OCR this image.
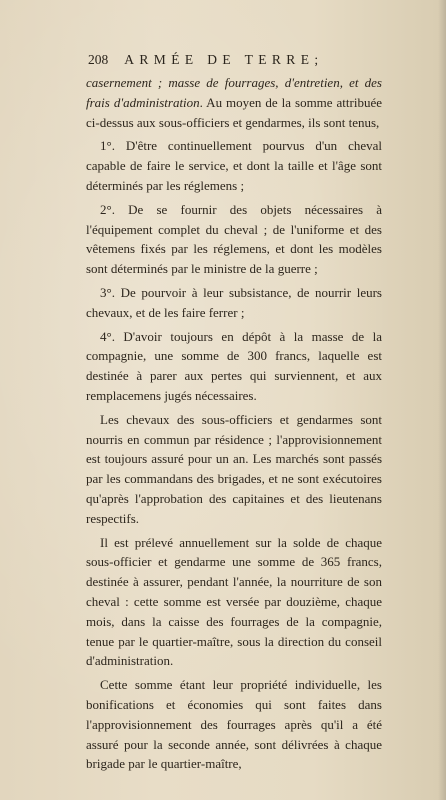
208 ARMÉE DE TERRE;

casernement ; masse de fourrages, d'entretien, et des frais d'administration. Au moyen de la somme attribuée ci-dessus aux sous-officiers et gendarmes, ils sont tenus,

1°. D'être continuellement pourvus d'un cheval capable de faire le service, et dont la taille et l'âge sont déterminés par les réglemens ;

2°. De se fournir des objets nécessaires à l'équipement complet du cheval ; de l'uniforme et des vêtemens fixés par les réglemens, et dont les modèles sont déterminés par le ministre de la guerre ;

3°. De pourvoir à leur subsistance, de nourrir leurs chevaux, et de les faire ferrer ;

4°. D'avoir toujours en dépôt à la masse de la compagnie, une somme de 300 francs, laquelle est destinée à parer aux pertes qui surviennent, et aux remplacemens jugés nécessaires.

Les chevaux des sous-officiers et gendarmes sont nourris en commun par résidence ; l'approvisionnement est toujours assuré pour un an. Les marchés sont passés par les commandans des brigades, et ne sont exécutoires qu'après l'approbation des capitaines et des lieutenans respectifs.

Il est prélevé annuellement sur la solde de chaque sous-officier et gendarme une somme de 365 francs, destinée à assurer, pendant l'année, la nourriture de son cheval : cette somme est versée par douzième, chaque mois, dans la caisse des fourrages de la compagnie, tenue par le quartier-maître, sous la direction du conseil d'administration.

Cette somme étant leur propriété individuelle, les bonifications et économies qui sont faites dans l'approvisionnement des fourrages après qu'il a été assuré pour la seconde année, sont délivrées à chaque brigade par le quartier-maître,
